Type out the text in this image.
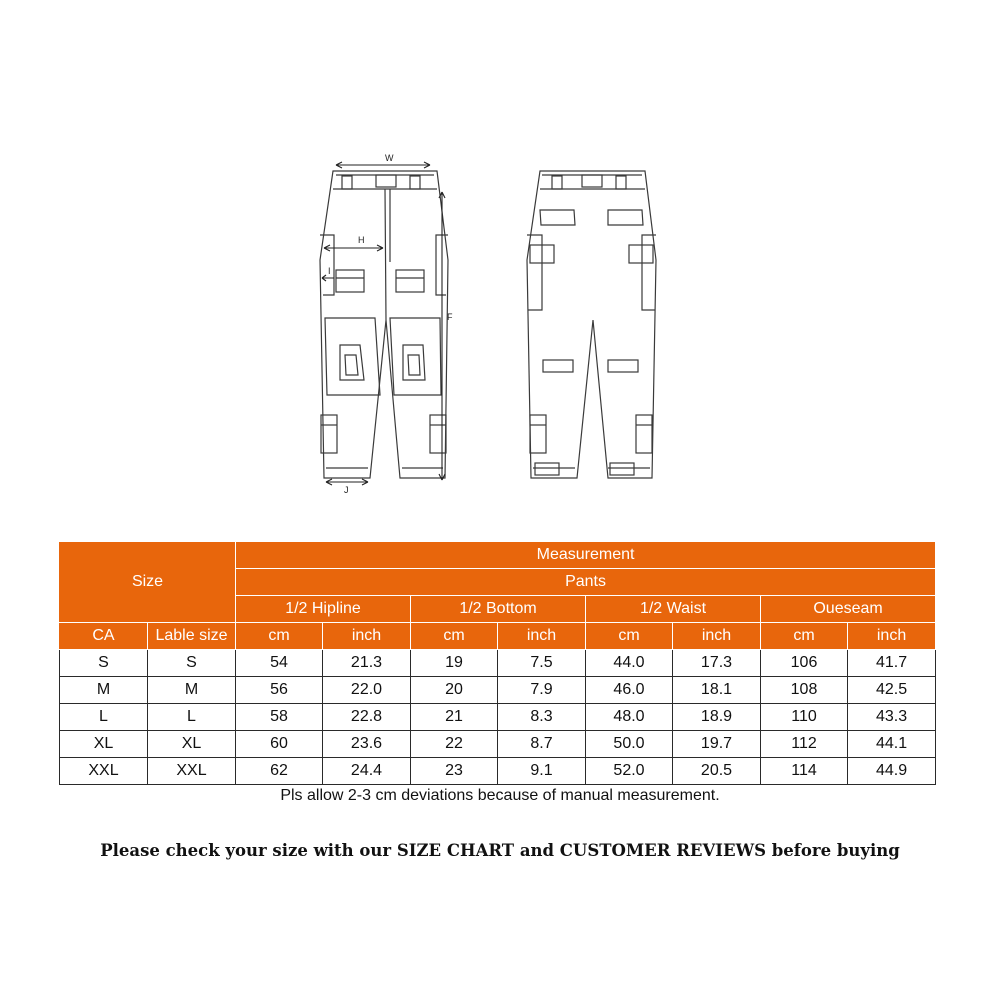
W
H
I
F
J
Size		Measurement							
		Pants							
		1/2 Hipline		1/2 Bottom		1/2 Waist		Oueseam	
CA	Lable size	cm	inch	cm	inch	cm	inch	cm	inch
S	S	54	21.3	19	7.5	44.0	17.3	106	41.7
M	M	56	22.0	20	7.9	46.0	18.1	108	42.5
L	L	58	22.8	21	8.3	48.0	18.9	110	43.3
XL	XL	60	23.6	22	8.7	50.0	19.7	112	44.1
XXL	XXL	62	24.4	23	9.1	52.0	20.5	114	44.9
Pls allow 2-3 cm deviations because of manual measurement.
Please check your size with our SIZE CHART and CUSTOMER REVIEWS before buying
